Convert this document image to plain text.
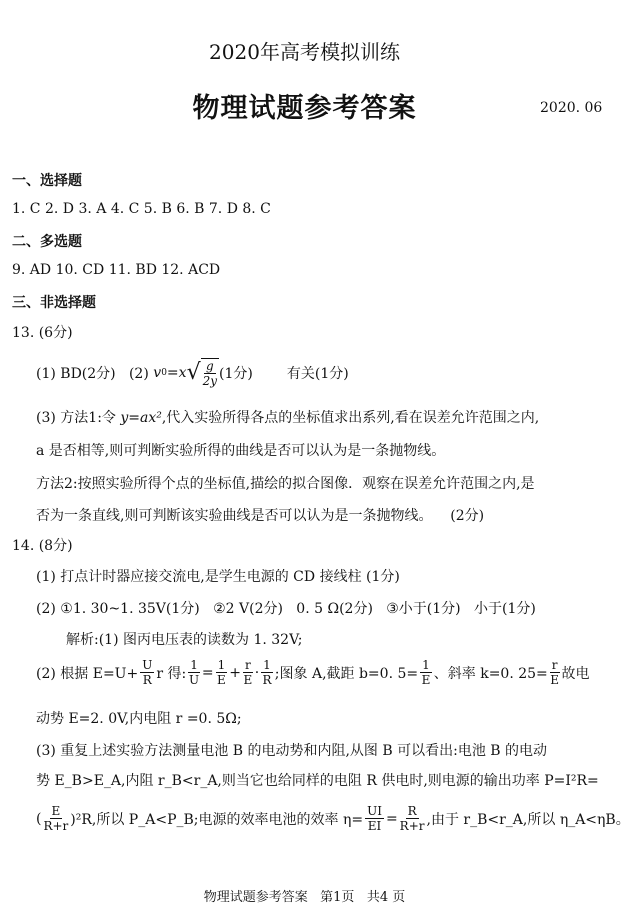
2020年高考模拟训练
物理试题参考答案	2020. 06
一、选择题
1. C 2. D 3. A 4. C 5. B 6. B 7. D 8. C
二、多选题
9. AD 10. CD 11. BD 12. ACD
三、非选择题
13. (6分)
(1) BD(2分)   (2) v 0 =x √ $\frac{g}{2y} (1$分) 有关(1分)
(3) 方法1:令 y=ax²,代入实验所得各点的坐标值求出系列,看在误差允许范围之内,
a 是否相等,则可判断实验所得的曲线是否可以认为是一条抛物线。
方法2:按照实验所得个点的坐标值,描绘的拟合图像．观察在误差允许范围之内,是
否为一条直线,则可判断该实验曲线是否可以认为是一条抛物线。    (2分)
14. (8分)
(1) 打点计时器应接交流电,是学生电源的 CD 接线柱 (1分)
(2) ①1. 30~1. 35V(1分)   ②2 V(2分)   0. 5 Ω(2分)   ③小于(1分)   小于(1分)
解析:(1) 图丙电压表的读数为 1. 32V;
(2) 根据 $E=U+ \frac{U}{R}$ r 得: $\frac{1}{U} = \frac{1}{E} + \frac{r}{E} \cdot \frac{1}{R}$ ;图象 A,截距 b=0. $5= \frac{1}{E}$ 、斜率 k=0. $25= \frac{r}{E}$ 故电
动势 E=2. 0V,内电阻 r =0. 5Ω;
(3) 重复上述实验方法测量电池 B 的电动势和内阻,从图 B 可以看出:电池 B 的电动
势 E_B>E_A,内阻 r_B<r_A,则当它也给同样的电阻 R 供电时,则电源的输出功率 P=I²R=
( $\frac{E}{R+r} )^2R$,所以 P_A<P_B;电源的效率电池的效率 $\eta= \frac{UI}{EI} = \frac{R}{R+r}$ ,由于 r_B<r_A,所以 η_A<ηB。
物理试题参考答案   第1页   共4 页
